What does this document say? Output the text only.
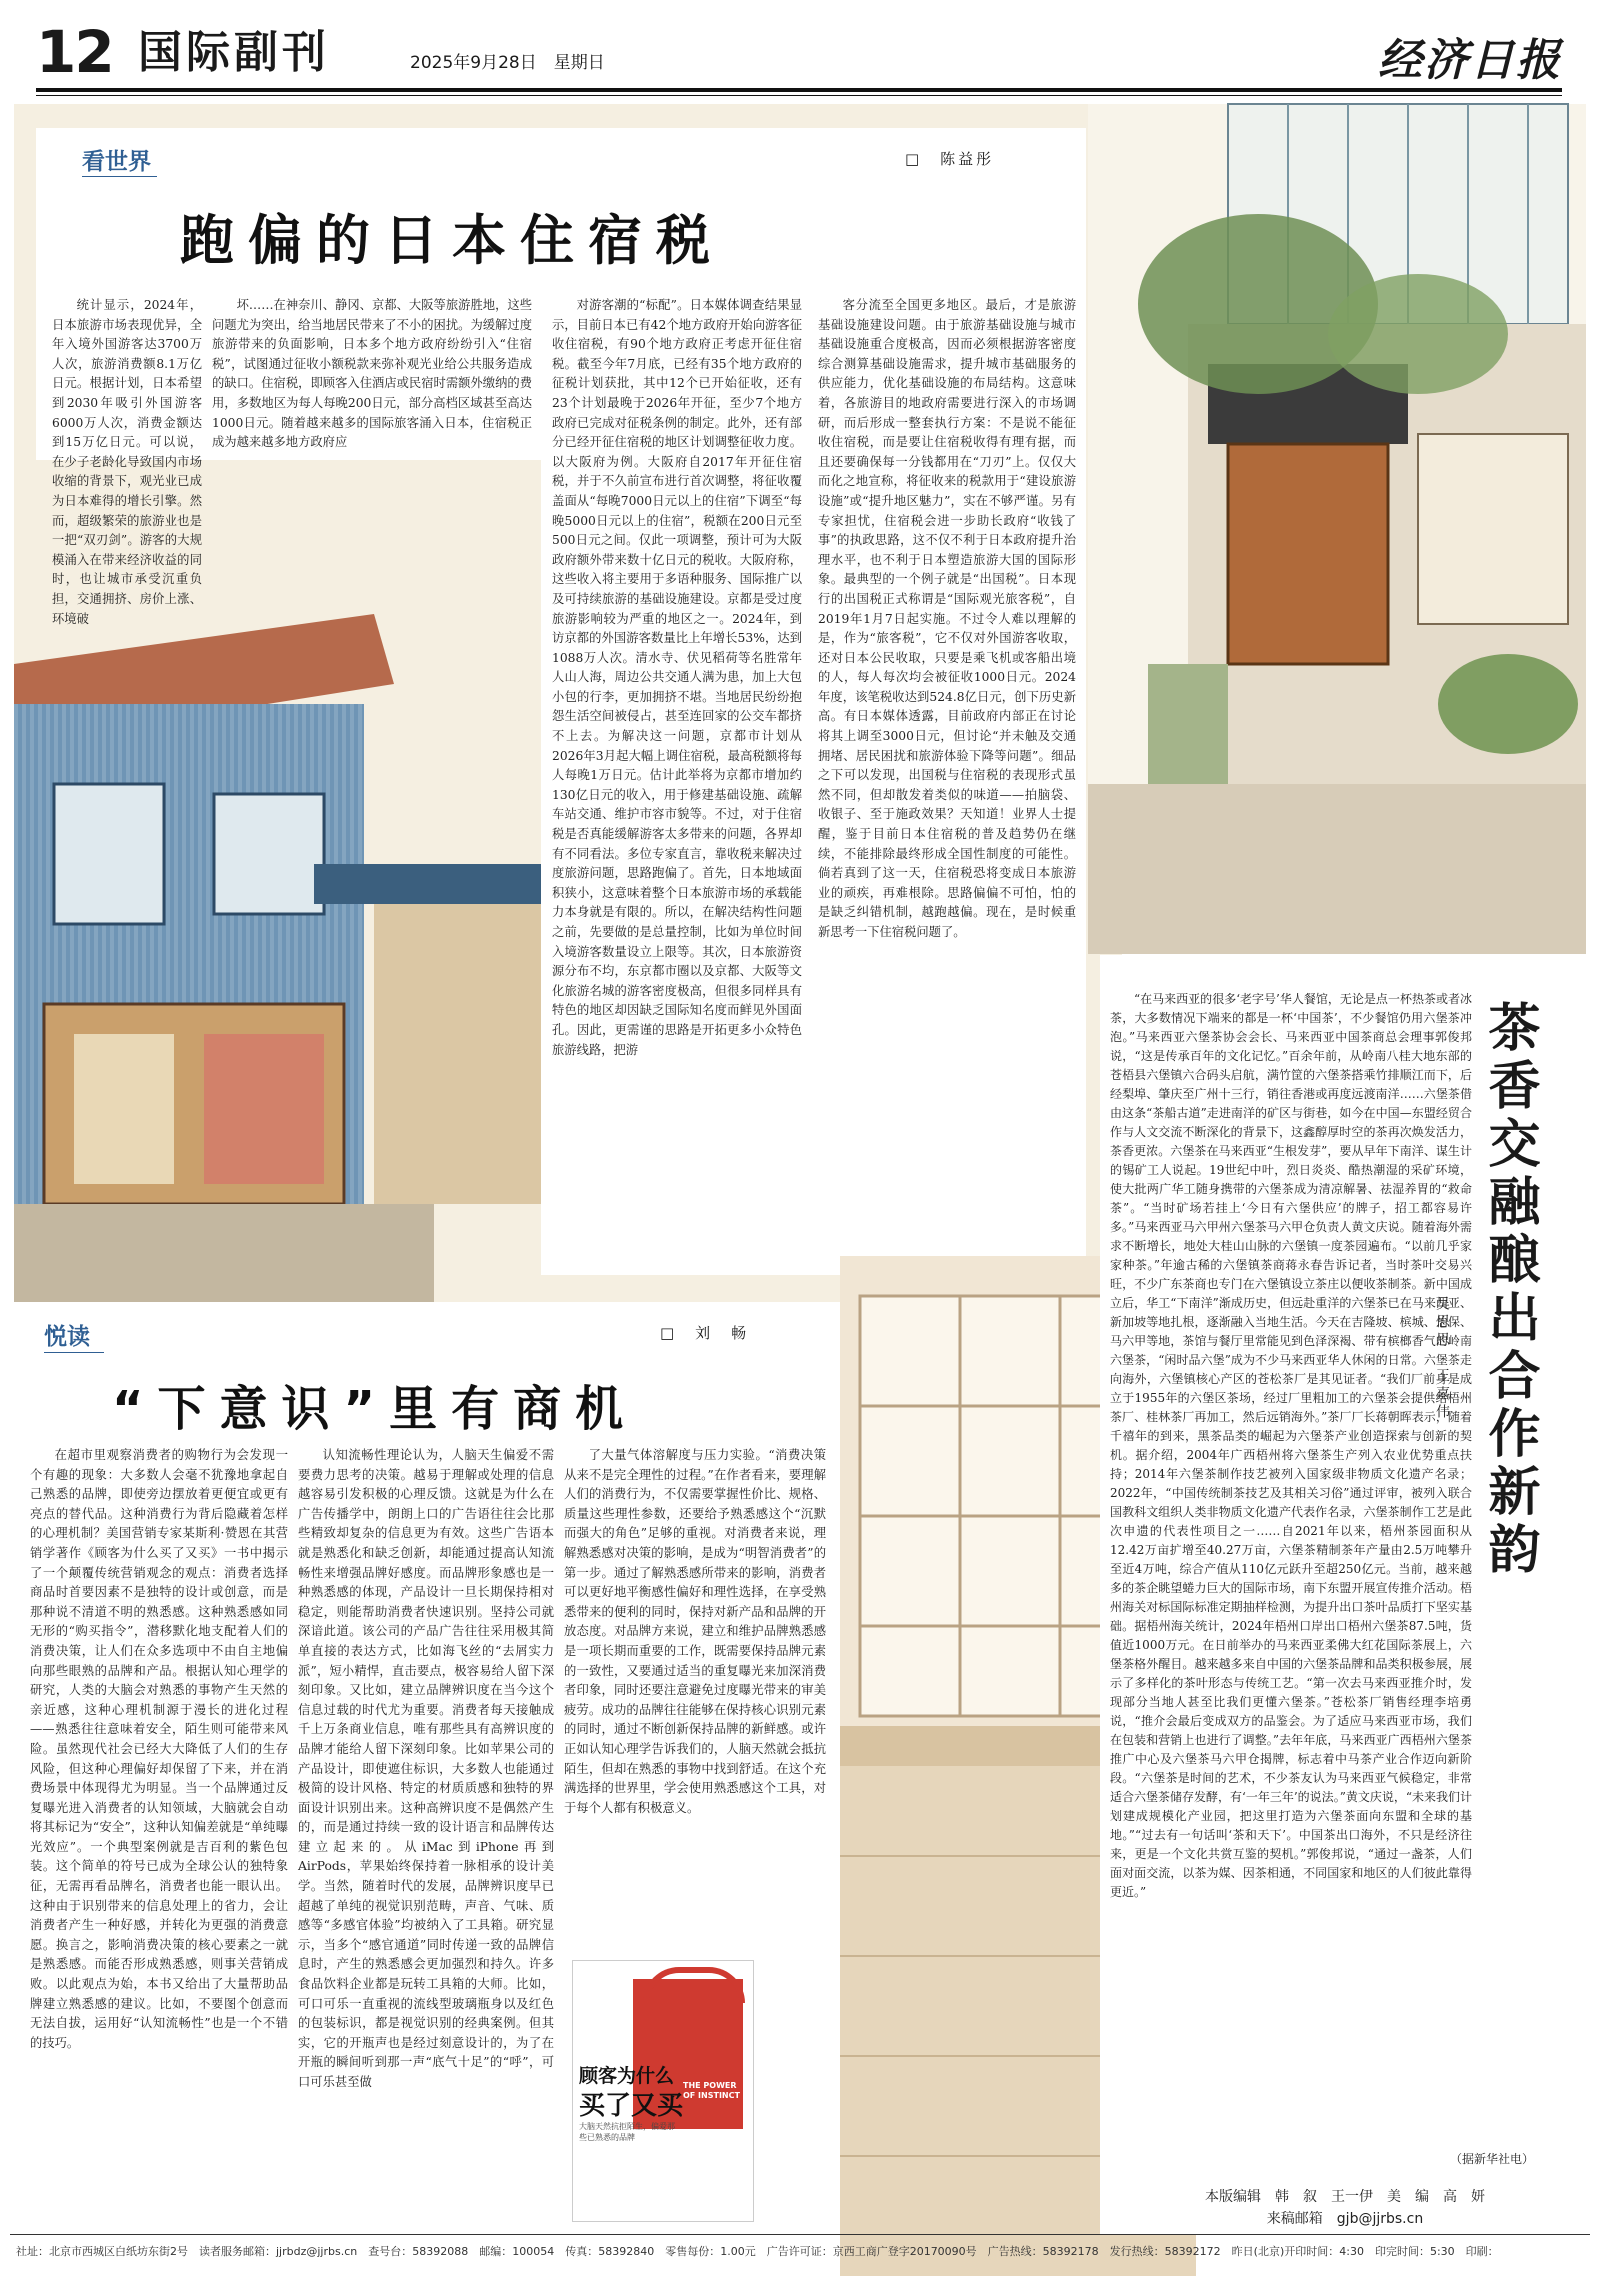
12 国际副刊	2025年9月28日　星期日	经济日报
看世界	□　陈益彤
跑偏的日本住宿税

统计显示，2024年，日本旅游市场表现优异，全年入境外国游客达3700万人次，旅游消费额8.1万亿日元。根据计划，日本希望到2030年吸引外国游客6000万人次，消费金额达到15万亿日元。可以说，在少子老龄化导致国内市场收缩的背景下，观光业已成为日本难得的增长引擎。然而，超级繁荣的旅游业也是一把“双刃剑”。游客的大规模涌入在带来经济收益的同时，也让城市承受沉重负担，交通拥挤、房价上涨、环境破

坏……在神奈川、静冈、京都、大阪等旅游胜地，这些问题尤为突出，给当地居民带来了不小的困扰。为缓解过度旅游带来的负面影响，日本多个地方政府纷纷引入“住宿税”，试图通过征收小额税款来弥补观光业给公共服务造成的缺口。住宿税，即顾客入住酒店或民宿时需额外缴纳的费用，多数地区为每人每晚200日元，部分高档区域甚至高达1000日元。随着越来越多的国际旅客涌入日本，住宿税正成为越来越多地方政府应

对游客潮的“标配”。日本媒体调查结果显示，目前日本已有42个地方政府开始向游客征收住宿税，有90个地方政府正考虑开征住宿税。截至今年7月底，已经有35个地方政府的征税计划获批，其中12个已开始征收，还有23个计划最晚于2026年开征，至少7个地方政府已完成对征税条例的制定。此外，还有部分已经开征住宿税的地区计划调整征收力度。以大阪府为例。大阪府自2017年开征住宿税，并于不久前宣布进行首次调整，将征收覆盖面从“每晚7000日元以上的住宿”下调至“每晚5000日元以上的住宿”，税额在200日元至500日元之间。仅此一项调整，预计可为大阪政府额外带来数十亿日元的税收。大阪府称，这些收入将主要用于多语种服务、国际推广以及可持续旅游的基础设施建设。京都是受过度旅游影响较为严重的地区之一。2024年，到访京都的外国游客数量比上年增长53%，达到1088万人次。清水寺、伏见稻荷等名胜常年人山人海，周边公共交通人满为患，加上大包小包的行李，更加拥挤不堪。当地居民纷纷抱怨生活空间被侵占，甚至连回家的公交车都挤不上去。为解决这一问题，京都市计划从2026年3月起大幅上调住宿税，最高税额将每人每晚1万日元。估计此举将为京都市增加约130亿日元的收入，用于修建基础设施、疏解车站交通、维护市容市貌等。不过，对于住宿税是否真能缓解游客太多带来的问题，各界却有不同看法。多位专家直言，靠收税来解决过度旅游问题，思路跑偏了。首先，日本地域面积狭小，这意味着整个日本旅游市场的承载能力本身就是有限的。所以，在解决结构性问题之前，先要做的是总量控制，比如为单位时间入境游客数量设立上限等。其次，日本旅游资源分布不均，东京都市圈以及京都、大阪等文化旅游名城的游客密度极高，但很多同样具有特色的地区却因缺乏国际知名度而鲜见外国面孔。因此，更需谨的思路是开拓更多小众特色旅游线路，把游

客分流至全国更多地区。最后，才是旅游基础设施建设问题。由于旅游基础设施与城市基础设施重合度极高，因而必须根据游客密度综合测算基础设施需求，提升城市基础服务的供应能力，优化基础设施的布局结构。这意味着，各旅游目的地政府需要进行深入的市场调研，而后形成一整套执行方案：不是说不能征收住宿税，而是要让住宿税收得有理有据，而且还要确保每一分钱都用在“刀刃”上。仅仅大而化之地宣称，将征收来的税款用于“建设旅游设施”或“提升地区魅力”，实在不够严谨。另有专家担忧，住宿税会进一步助长政府“收钱了事”的执政思路，这不仅不利于日本政府提升治理水平，也不利于日本塑造旅游大国的国际形象。最典型的一个例子就是“出国税”。日本现行的出国税正式称谓是“国际观光旅客税”，自2019年1月7日起实施。不过令人难以理解的是，作为“旅客税”，它不仅对外国游客收取，还对日本公民收取，只要是乘飞机或客船出境的人，每人每次均会被征收1000日元。2024年度，该笔税收达到524.8亿日元，创下历史新高。有日本媒体透露，目前政府内部正在讨论将其上调至3000日元，但讨论“并未触及交通拥堵、居民困扰和旅游体验下降等问题”。细品之下可以发现，出国税与住宿税的表现形式虽然不同，但却散发着类似的味道——拍脑袋、收银子、至于施政效果？天知道！业界人士提醒，鉴于目前日本住宿税的普及趋势仍在继续，不能排除最终形成全国性制度的可能性。倘若真到了这一天，住宿税恐将变成日本旅游业的顽疾，再难根除。思路偏偏不可怕，怕的是缺乏纠错机制，越跑越偏。现在，是时候重新思考一下住宿税问题了。

悦读	□　刘　畅
“下意识”里有商机

在超市里观察消费者的购物行为会发现一个有趣的现象：大多数人会毫不犹豫地拿起自己熟悉的品牌，即使旁边摆放着更便宜或更有亮点的替代品。这种消费行为背后隐藏着怎样的心理机制？美国营销专家某斯利·赞恩在其营销学著作《顾客为什么买了又买》一书中揭示了一个颠覆传统营销观念的观点：消费者选择商品时首要因素不是独特的设计或创意，而是那种说不清道不明的熟悉感。这种熟悉感如同无形的“购买指令”，潜移默化地支配着人们的消费决策，让人们在众多选项中不由自主地偏向那些眼熟的品牌和产品。根据认知心理学的研究，人类的大脑会对熟悉的事物产生天然的亲近感，这种心理机制源于漫长的进化过程——熟悉往往意味着安全，陌生则可能带来风险。虽然现代社会已经大大降低了人们的生存风险，但这种心理偏好却保留了下来，并在消费场景中体现得尤为明显。当一个品牌通过反复曝光进入消费者的认知领域，大脑就会自动将其标记为“安全”，这种认知偏差就是“单纯曝光效应”。一个典型案例就是吉百利的紫色包装。这个简单的符号已成为全球公认的独特象征，无需再看品牌名，消费者也能一眼认出。这种由于识别带来的信息处理上的省力，会让消费者产生一种好感，并转化为更强的消费意愿。换言之，影响消费决策的核心要素之一就是熟悉感。而能否形成熟悉感，则事关营销成败。以此观点为始，本书又给出了大量帮助品牌建立熟悉感的建议。比如，不要图个创意而无法自拔，运用好“认知流畅性”也是一个不错的技巧。

认知流畅性理论认为，人脑天生偏爱不需要费力思考的决策。越易于理解或处理的信息越容易引发积极的心理反馈。这就是为什么在广告传播学中，朗朗上口的广告语往往会比那些精致却复杂的信息更为有效。这些广告语本就是熟悉化和缺乏创新，却能通过提高认知流畅性来增强品牌好感度。而品牌形象感也是一种熟悉感的体现，产品设计一旦长期保持相对稳定，则能帮助消费者快速识别。坚持公司就深谙此道。该公司的产品广告往往采用极其简单直接的表达方式，比如海飞丝的“去屑实力派”，短小精悍，直击要点，极容易给人留下深刻印象。又比如，建立品牌辨识度在当今这个信息过载的时代尤为重要。消费者每天接触成千上万条商业信息，唯有那些具有高辨识度的品牌才能给人留下深刻印象。比如苹果公司的产品设计，即使遮住标识，大多数人也能通过极简的设计风格、特定的材质质感和独特的界面设计识别出来。这种高辨识度不是偶然产生的，而是通过持续一致的设计语言和品牌传达建立起来的。从iMac到iPhone再到AirPods，苹果始终保持着一脉相承的设计美学。当然，随着时代的发展，品牌辨识度早已超越了单纯的视觉识别范畴，声音、气味、质感等“多感官体验”均被纳入了工具箱。研究显示，当多个“感官通道”同时传递一致的品牌信息时，产生的熟悉感会更加强烈和持久。许多食品饮料企业都是玩转工具箱的大师。比如，可口可乐一直重视的流线型玻璃瓶身以及红色的包装标识，都是视觉识别的经典案例。但其实，它的开瓶声也是经过刻意设计的，为了在开瓶的瞬间听到那一声“底气十足”的“呼”，可口可乐甚至做

了大量气体溶解度与压力实验。“消费决策从来不是完全理性的过程。”在作者看来，要理解人们的消费行为，不仅需要掌握性价比、规格、质量这些理性参数，还要给予熟悉感这个“沉默而强大的角色”足够的重视。对消费者来说，理解熟悉感对决策的影响，是成为“明智消费者”的第一步。通过了解熟悉感所带来的影响，消费者可以更好地平衡感性偏好和理性选择，在享受熟悉带来的便利的同时，保持对新产品和品牌的开放态度。对品牌方来说，建立和维护品牌熟悉感是一项长期而重要的工作，既需要保持品牌元素的一致性，又要通过适当的重复曝光来加深消费者印象，同时还要注意避免过度曝光带来的审美疲劳。成功的品牌往往能够在保持核心识别元素的同时，通过不断创新保持品牌的新鲜感。或许正如认知心理学告诉我们的，人脑天然就会抵抗陌生，但却在熟悉的事物中找到舒适。在这个充满选择的世界里，学会使用熟悉感这个工具，对于每个人都有积极意义。

顾客为什么
买了又买
大脑天然抗拒陌生，偏爱那些已熟悉的品牌
THE POWER OF INSTINCT
茶香交融酿出合作新韵
吴思思　王嘉伟

“在马来西亚的很多‘老字号’华人餐馆，无论是点一杯热茶或者冰茶，大多数情况下端来的都是一杯‘中国茶’，不少餐馆仍用六堡茶冲泡。”马来西亚六堡茶协会会长、马来西亚中国茶商总会理事郭俊邦说，“这是传承百年的文化记忆。”百余年前，从岭南八桂大地东部的苍梧县六堡镇六合码头启航，满竹筐的六堡茶搭乘竹排顺江而下，后经梨埠、肇庆至广州十三行，销往香港或再度远渡南洋……六堡茶借由这条“茶船古道”走进南洋的矿区与街巷，如今在中国—东盟经贸合作与人文交流不断深化的背景下，这鑫醇厚时空的茶再次焕发活力，茶香更浓。六堡茶在马来西亚“生根发芽”，要从早年下南洋、谋生计的锡矿工人说起。19世纪中叶，烈日炎炎、酷热潮湿的采矿环境，使大批两广华工随身携带的六堡茶成为清凉解暑、祛湿养胃的“救命茶”。“当时矿场若挂上‘今日有六堡供应’的牌子，招工都容易许多。”马来西亚马六甲州六堡茶马六甲仓负责人黄文庆说。随着海外需求不断增长，地处大桂山山脉的六堡镇一度茶园遍布。“以前几乎家家种茶。”年逾古稀的六堡镇茶商蒋永春告诉记者，当时茶叶交易兴旺，不少广东茶商也专门在六堡镇设立茶庄以便收茶制茶。新中国成立后，华工“下南洋”渐成历史，但远赴重洋的六堡茶已在马来西亚、新加坡等地扎根，逐渐融入当地生活。今天在吉隆坡、槟城、怡保、马六甲等地，茶馆与餐厅里常能见到色泽深褐、带有槟榔香气的岭南六堡茶，“闲时品六堡”成为不少马来西亚华人休闲的日常。六堡茶走向海外，六堡镇核心产区的苍松茶厂是其见证者。“我们厂前身是成立于1955年的六堡区茶场，经过厂里粗加工的六堡茶会提供给梧州茶厂、桂林茶厂再加工，然后远销海外。”茶厂厂长蒋朝晖表示，随着千禧年的到来，黑茶品类的崛起为六堡茶产业创造探索与创新的契机。据介绍，2004年广西梧州将六堡茶生产列入农业优势重点扶持；2014年六堡茶制作技艺被列入国家级非物质文化遗产名录；2022年，“中国传统制茶技艺及其相关习俗”通过评审，被列入联合国教科文组织人类非物质文化遗产代表作名录，六堡茶制作工艺是此次申遗的代表性项目之一……自2021年以来，梧州茶园面积从12.42万亩扩增至40.27万亩，六堡茶精制茶年产量由2.5万吨攀升至近4万吨，综合产值从110亿元跃升至超250亿元。当前，越来越多的茶企眺望蜷力巨大的国际市场，南下东盟开展宣传推介活动。梧州海关对标国际标准定期抽样检测，为提升出口茶叶品质打下坚实基础。据梧州海关统计，2024年梧州口岸出口梧州六堡茶87.5吨，货值近1000万元。在日前举办的马来西亚柔佛大红花国际茶展上，六堡茶格外醒目。越来越多来自中国的六堡茶品牌和品类积极参展，展示了多样化的茶叶形态与传统工艺。“第一次去马来西亚推介时，发现部分当地人甚至比我们更懂六堡茶。”苍松茶厂销售经理李培勇说，“推介会最后变成双方的品鉴会。为了适应马来西亚市场，我们在包装和营销上也进行了调整。”去年年底，马来西亚广西梧州六堡茶推广中心及六堡茶马六甲仓揭牌，标志着中马茶产业合作迈向新阶段。“六堡茶是时间的艺术，不少茶友认为马来西亚气候稳定，非常适合六堡茶储存发酵，有‘一年三年’的说法。”黄文庆说，“未来我们计划建成规模化产业园，把这里打造为六堡茶面向东盟和全球的基地。”“过去有一句话叫‘茶和天下’。中国茶出口海外，不只是经济往来，更是一个文化共赏互鉴的契机。”郭俊邦说，“通过一盏茶，人们面对面交流，以茶为媒、因茶相通，不同国家和地区的人们彼此靠得更近。”

（据新华社电）
本版编辑　韩　叙　王一伊　美　编　高　妍
来稿邮箱　gjb@jjrbs.cn
社址：北京市西城区白纸坊东街2号　读者服务邮箱：jjrbdz@jjrbs.cn　查号台：58392088　邮编：100054　传真：58392840　零售每份：1.00元　广告许可证：京西工商广登字20170090号　广告热线：58392178　发行热线：58392172　昨日(北京)开印时间：4:30　印完时间：5:30　印刷：
